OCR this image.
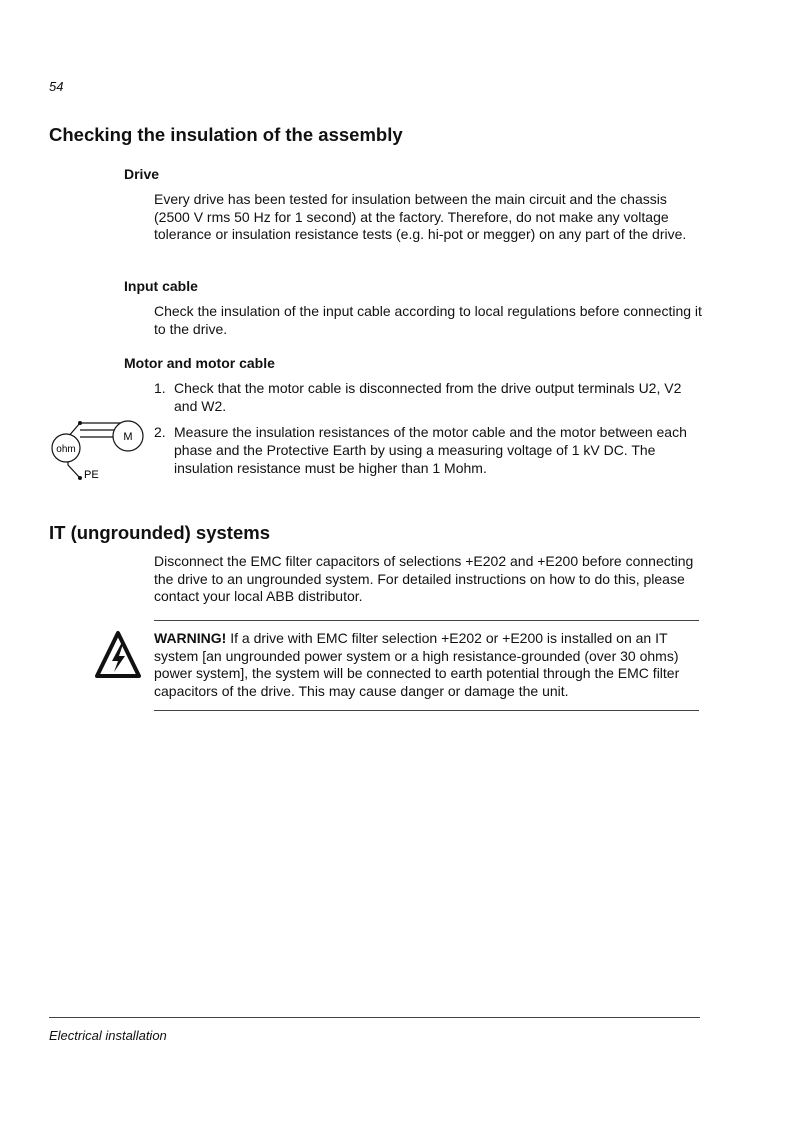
54
Checking the insulation of the assembly
Drive
Every drive has been tested for insulation between the main circuit and the chassis (2500 V rms 50 Hz for 1 second) at the factory. Therefore, do not make any voltage tolerance or insulation resistance tests (e.g. hi-pot or megger) on any part of the drive.
Input cable
Check the insulation of the input cable according to local regulations before connecting it to the drive.
Motor and motor cable
1. Check that the motor cable is disconnected from the drive output terminals U2, V2 and W2.
2. Measure the insulation resistances of the motor cable and the motor between each phase and the Protective Earth by using a measuring voltage of 1 kV DC. The insulation resistance must be higher than 1 Mohm.
M
ohm
PE
IT (ungrounded) systems
Disconnect the EMC filter capacitors of selections +E202 and +E200 before connecting the drive to an ungrounded system. For detailed instructions on how to do this, please contact your local ABB distributor.
WARNING! If a drive with EMC filter selection +E202 or +E200 is installed on an IT system [an ungrounded power system or a high resistance-grounded (over 30 ohms) power system], the system will be connected to earth potential through the EMC filter capacitors of the drive. This may cause danger or damage the unit.
Electrical installation
